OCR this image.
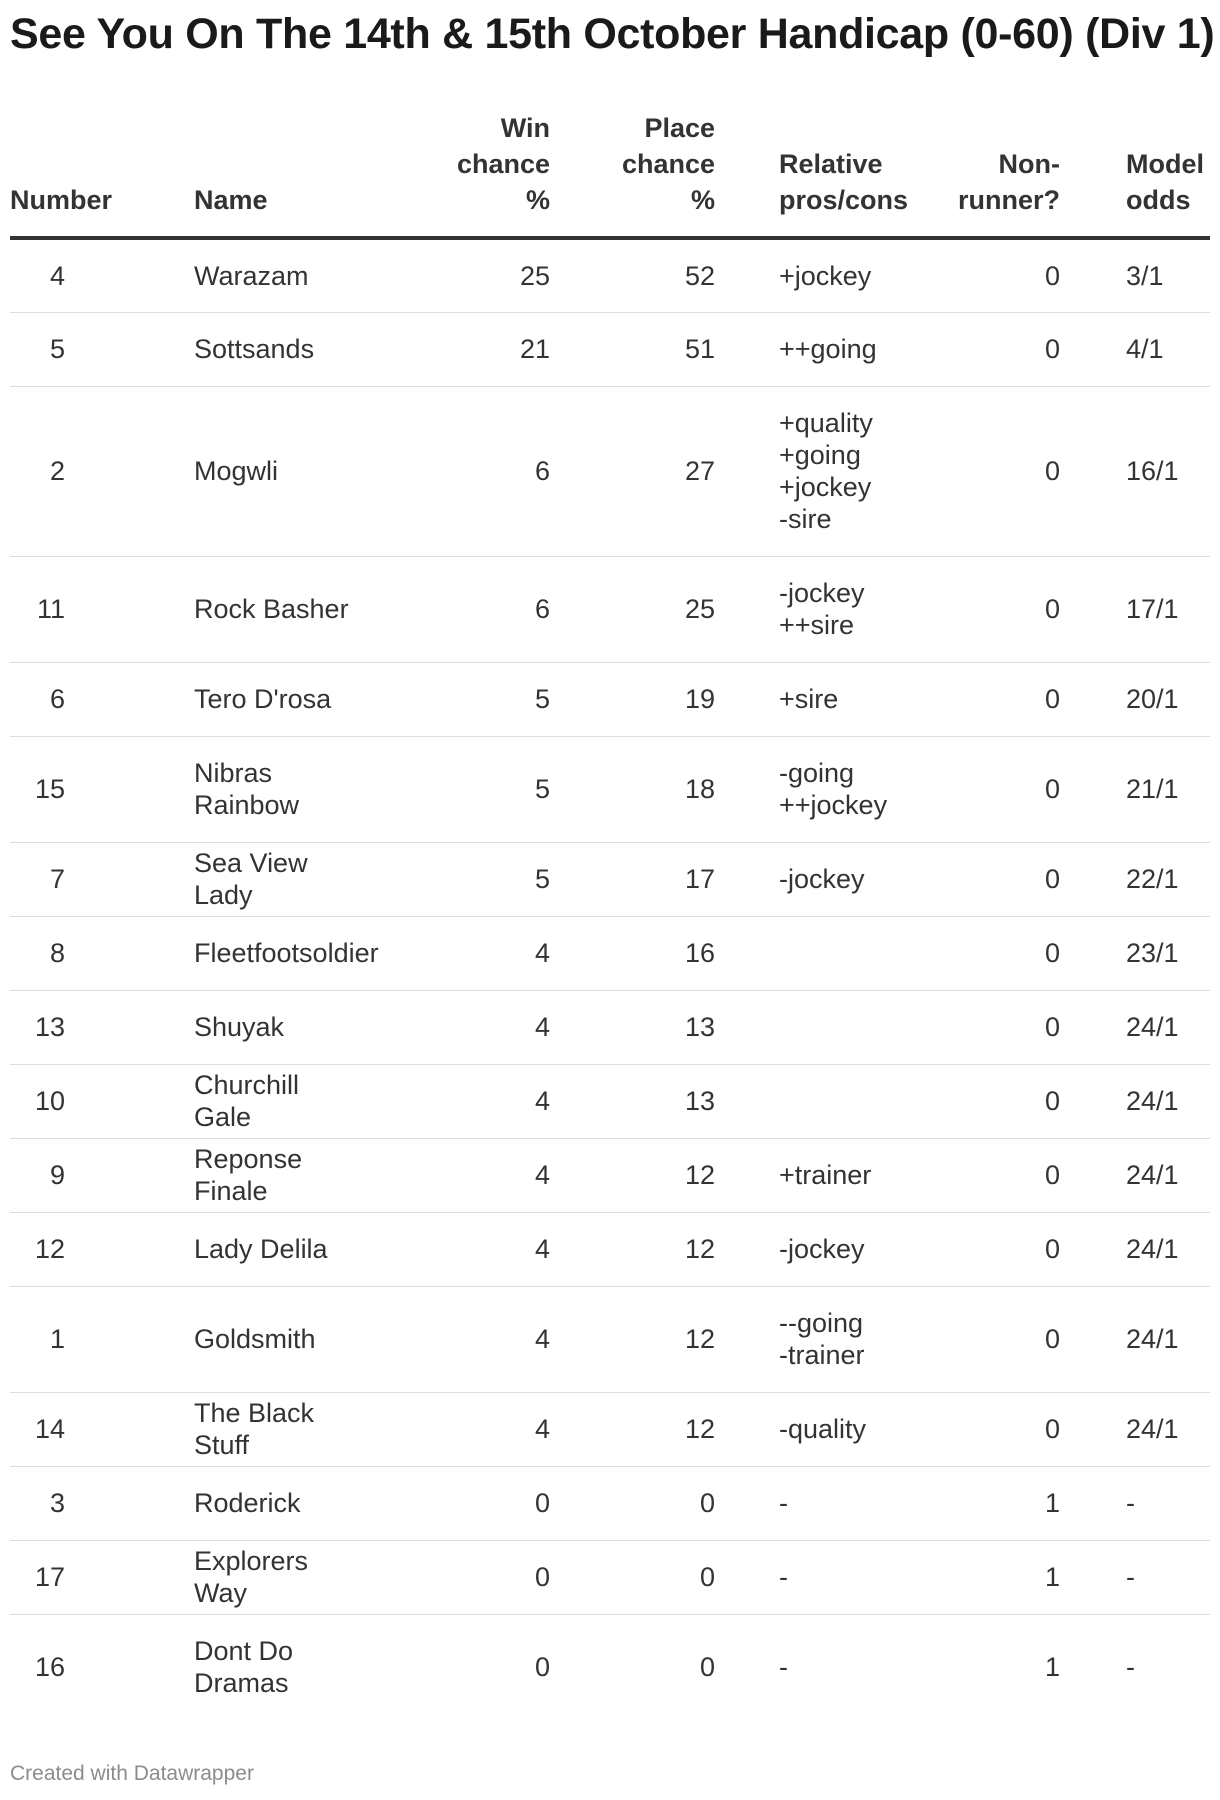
See You On The 14th & 15th October Handicap (0-60) (Div 1)
Number	Name	Win
chance
%	Place
chance
%	Relative
pros/cons	Non-
runner?	Model
odds

4	Warazam	25	52	+jockey	0	3/1
5	Sottsands	21	51	++going	0	4/1
2	Mogwli	6	27	+quality
+going
+jockey
-sire	0	16/1
11	Rock Basher	6	25	-jockey
++sire	0	17/1
6	Tero D'rosa	5	19	+sire	0	20/1
15	Nibras Rainbow	5	18	-going
++jockey	0	21/1
7	Sea View Lady	5	17	-jockey	0	22/1
8	Fleetfootsoldier	4	16		0	23/1
13	Shuyak	4	13		0	24/1
10	Churchill Gale	4	13		0	24/1
9	Reponse Finale	4	12	+trainer	0	24/1
12	Lady Delila	4	12	-jockey	0	24/1
1	Goldsmith	4	12	--going
-trainer	0	24/1
14	The Black Stuff	4	12	-quality	0	24/1
3	Roderick	0	0	-	1	-
17	Explorers Way	0	0	-	1	-
16	Dont Do
Dramas	0	0	-	1	-
Created with Datawrapper
